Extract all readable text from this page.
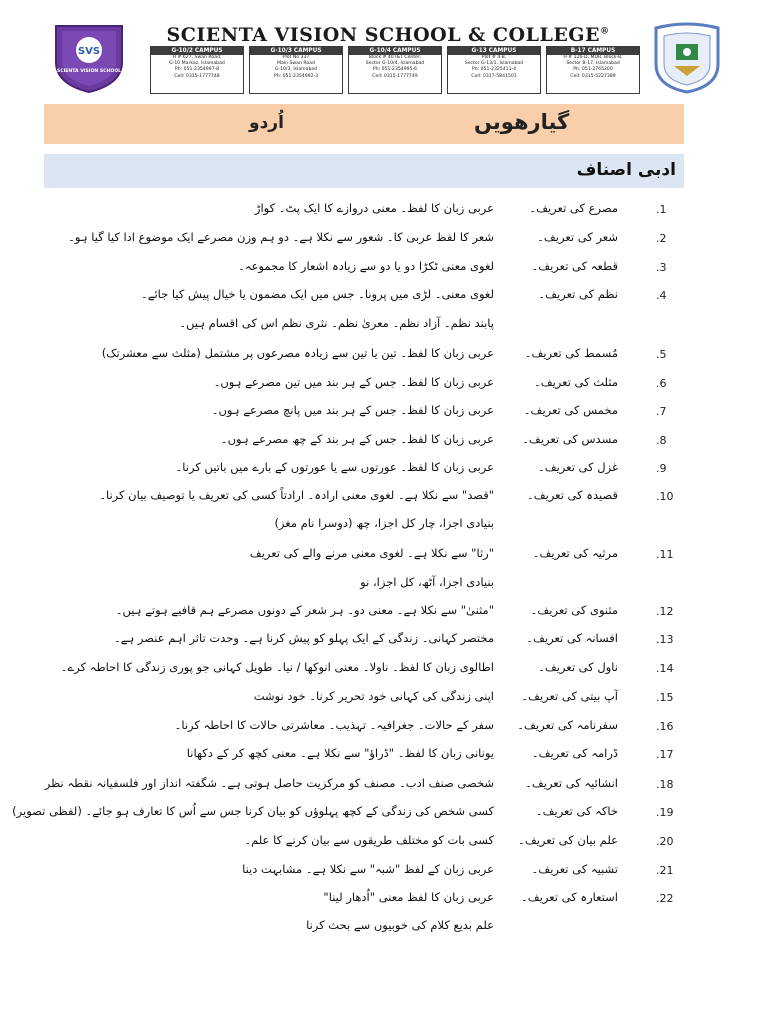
SVS
SCIENTA VISION SCHOOL
SCIENTA VISION SCHOOL & COLLEGE®
G-10/2 CAMPUS
H # 627, Swan Road,
G-10 Markaz, Islamabad
Ph: 051-2354997-8
Cell: 0315-1777748
G-10/3 CAMPUS
Plot No 337
Main Swan Road
G-10/3, Islamabad
Ph: 051-2354992-3
G-10/4 CAMPUS
Block # 40 I&T Center,
Sector G-10/4, Islamabad
Ph: 051-2354995-6
Cell: 0315-1777749
G-13 CAMPUS
Plot # 4-B,
Sector G-13/1, Islamabad
Ph: 051-2325411-4
Cell: 0317-5841501
B-17 CAMPUS
H # 126-D, MDR, Block-B,
Sector B-17, Islamabad
Ph: 051-2765200
Cell: 0315-5227389
اُردو	گیارھویں
ادبی اصناف
.1
مصرع کی تعریف۔
عربی زبان کا لفظ۔ معنی دروازے کا ایک پٹ۔ کواڑ
.2
شعر کی تعریف۔
شعر کا لفظ عربی کا۔ شعور سے نکلا ہے۔ دو ہم وزن مصرعے ایک موضوع ادا کیا گیا ہو۔
.3
قطعہ کی تعریف۔
لغوی معنی ٹکڑا دو یا دو سے زیادہ اشعار کا مجموعہ۔
.4
نظم کی تعریف۔
لغوی معنی۔ لڑی میں پرونا۔ جس میں ایک مضمون یا خیال پیش کیا جائے۔
پابند نظم۔ آزاد نظم۔ معریٰ نظم۔ نثری نظم اس کی اقسام ہیں۔
.5
مُسمط کی تعریف۔
عربی زبان کا لفظ۔ تین یا تین سے زیادہ مصرعوں پر مشتمل (مثلث سے معشرتک)
.6
مثلث کی تعریف۔
عربی زبان کا لفظ۔ جس کے ہر بند میں تین مصرعے ہوں۔
.7
مخمس کی تعریف۔
عربی زبان کا لفظ۔ جس کے ہر بند میں پانچ مصرعے ہوں۔
.8
مسدس کی تعریف۔
عربی زبان کا لفظ۔ جس کے ہر بند کے چھ مصرعے ہوں۔
.9
غزل کی تعریف۔
عربی زبان کا لفظ۔ عورتوں سے یا عورتوں کے بارے میں باتیں کرنا۔
.10
قصیدہ کی تعریف۔
"قصد" سے نکلا ہے۔ لغوی معنی ارادہ۔ ارادتاً کسی کی تعریف یا توصیف بیان کرنا۔
بنیادی اجزا، چار کل اجزا، چھ (دوسرا نام مغز)
.11
مرثیہ کی تعریف۔
"رثا" سے نکلا ہے۔ لغوی معنی مرنے والے کی تعریف
بنیادی اجزا، آٹھ، کل اجزا، نو
.12
مثنوی کی تعریف۔
"مثنیٰ" سے نکلا ہے۔ معنی دو۔ ہر شعر کے دونوں مصرعے ہم قافیے ہوتے ہیں۔
.13
افسانہ کی تعریف۔
مختصر کہانی۔ زندگی کے ایک پہلو کو پیش کرنا ہے۔ وحدت تاثر اہم عنصر ہے۔
.14
ناول کی تعریف۔
اطالوی زبان کا لفظ۔ ناولا۔ معنی انوکھا / نیا۔ طویل کہانی جو پوری زندگی کا احاطہ کرے۔
.15
آپ بیتی کی تعریف۔
اپنی زندگی کی کہانی خود تحریر کرنا۔ خود نوشت
.16
سفرنامہ کی تعریف۔
سفر کے حالات۔ جغرافیہ۔ تہذیب۔ معاشرتی حالات کا احاطہ کرنا۔
.17
ڈرامہ کی تعریف۔
یونانی زبان کا لفظ۔ "ڈراؤ" سے نکلا ہے۔ معنی کچھ کر کے دکھانا
.18
انشائیہ کی تعریف۔
شخصی صنف ادب۔ مصنف کو مرکزیت حاصل ہوتی ہے۔ شگفتہ انداز اور فلسفیانہ نقطہ نظر
.19
خاکہ کی تعریف۔
کسی شخص کی زندگی کے کچھ پہلوؤں کو بیان کرنا جس سے اُس کا تعارف ہو جائے۔ (لفظی تصویر)
.20
علم بیان کی تعریف۔
کسی بات کو مختلف طریقوں سے بیان کرنے کا علم۔
.21
تشبیہ کی تعریف۔
عربی زبان کے لفظ "شبہ" سے نکلا ہے۔ مشابہت دینا
.22
استعارہ کی تعریف۔
عربی زبان کا لفظ معنی "اُدھار لینا"
علم بدیع کلام کی خوبیوں سے بحث کرنا
